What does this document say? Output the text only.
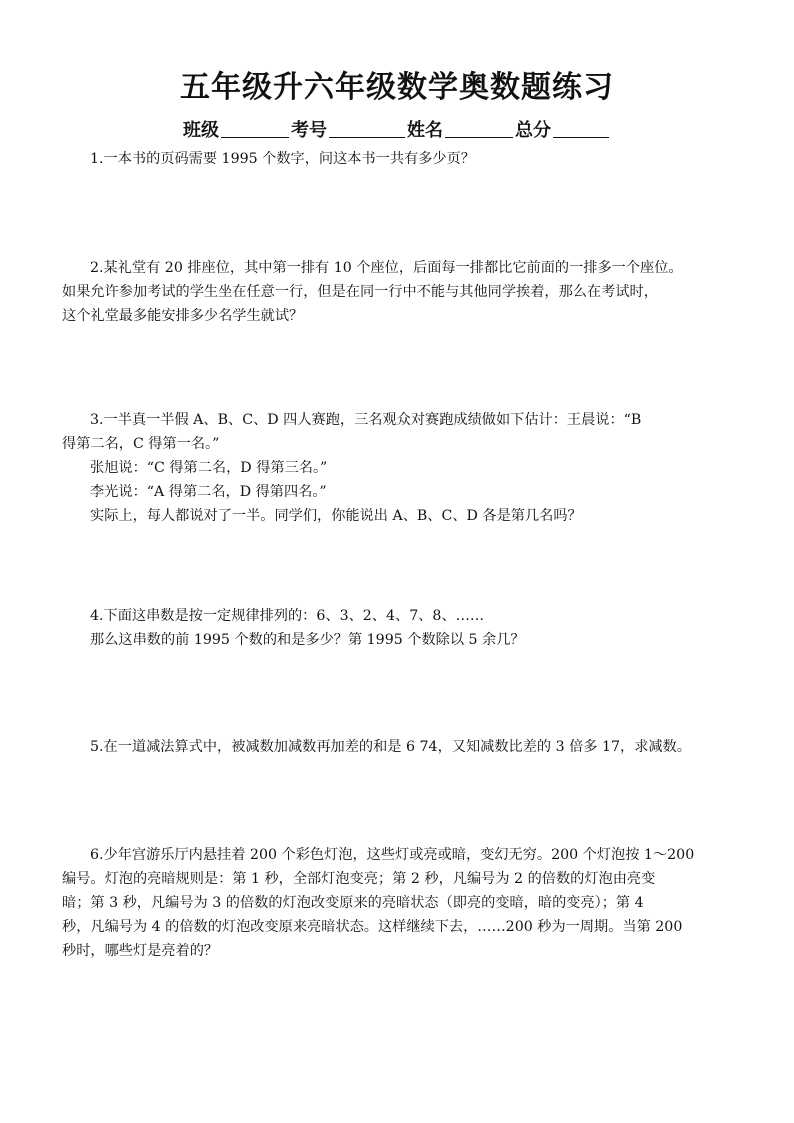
五年级升六年级数学奥数题练习
班级	考号	姓名	总分
1.一本书的页码需要 1995 个数字，问这本书一共有多少页？
2.某礼堂有 20 排座位，其中第一排有 10 个座位，后面每一排都比它前面的一排多一个座位。
如果允许参加考试的学生坐在任意一行，但是在同一行中不能与其他同学挨着，那么在考试时，
这个礼堂最多能安排多少名学生就试？
3.一半真一半假 A、B、C、D 四人赛跑，三名观众对赛跑成绩做如下估计：王晨说：“B
得第二名，C 得第一名。”
张旭说：“C 得第二名，D 得第三名。”
李光说：“A 得第二名，D 得第四名。”
实际上，每人都说对了一半。同学们，你能说出 A、B、C、D 各是第几名吗？
4.下面这串数是按一定规律排列的：6、3、2、4、7、8、……
那么这串数的前 1995 个数的和是多少？第 1995 个数除以 5 余几？
5.在一道减法算式中，被减数加减数再加差的和是 6 74，又知减数比差的 3 倍多 17，求减数。
6.少年宫游乐厅内悬挂着 200 个彩色灯泡，这些灯或亮或暗，变幻无穷。200 个灯泡按 1～200
编号。灯泡的亮暗规则是：第 1 秒，全部灯泡变亮；第 2 秒，凡编号为 2 的倍数的灯泡由亮变
暗；第 3 秒，凡编号为 3 的倍数的灯泡改变原来的亮暗状态（即亮的变暗，暗的变亮）；第 4
秒，凡编号为 4 的倍数的灯泡改变原来亮暗状态。这样继续下去，……200 秒为一周期。当第 200
秒时，哪些灯是亮着的？
